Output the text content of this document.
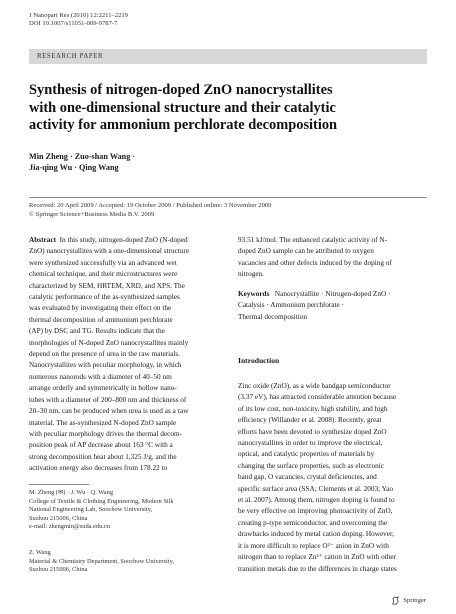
J Nanopart Res (2010) 12:2211–2219
DOI 10.1007/s11051-009-9787-7
RESEARCH PAPER
Synthesis of nitrogen-doped ZnO nanocrystallites
with one-dimensional structure and their catalytic
activity for ammonium perchlorate decomposition
Min Zheng · Zuo-shan Wang ·
Jia-qing Wu · Qing Wang
Received: 20 April 2009 / Accepted: 19 October 2009 / Published online: 3 November 2009
© Springer Science+Business Media B.V. 2009

Abstract In this study, nitrogen-doped ZnO (N-doped

ZnO) nanocrystallites with a one-dimensional structure
were synthesized successfully via an advanced wet
chemical technique, and their microstructures were
characterized by SEM, HRTEM, XRD, and XPS. The
catalytic performance of the as-synthesized samples
was evaluated by investigating their effect on the
thermal decomposition of ammonium perchlorate
(AP) by DSC and TG. Results indicate that the
morphologies of N-doped ZnO nanocrystallites mainly
depend on the presence of urea in the raw materials.
Nanocrystallites with peculiar morphology, in which
numerous nanorods with a diameter of 40–50 nm
arrange orderly and symmetrically in hollow nano-
tubes with a diameter of 200–800 nm and thickness of
20–30 nm, can be produced when urea is used as a raw
material. The as-synthesized N-doped ZnO sample
with peculiar morphology drives the thermal decom-
position peak of AP decrease about 163 °C with a
strong decomposition heat about 1,325 J/g, and the
activation energy also decreases from 178.22 to
M. Zheng (✉) · J. Wu · Q. Wang
College of Textile & Clothing Engineering, Modern Silk
National Engineering Lab, Soochow University,
Suzhou 215006, China
e-mail: zhengmin@suda.edu.cn
Z. Wang
Material & Chemistry Department, Soochow University,
Suzhou 215006, China
93.51 kJ/mol. The enhanced catalytic activity of N-
doped ZnO sample can be attributed to oxygen
vacancies and other defects induced by the doping of
nitrogen.
Keywords Nanocrystallite · Nitrogen-doped ZnO ·
Catalysis · Ammonium perchlorate ·
Thermal decomposition
Introduction
Zinc oxide (ZnO), as a wide bandgap semiconductor
(3.37 eV), has attracted considerable attention because
of its low cost, non-toxicity, high stability, and high
efficiency (Willander et al. 2008). Recently, great
efforts have been devoted to synthesize doped ZnO
nanocrystallites in order to improve the electrical,
optical, and catalytic properties of materials by
changing the surface properties, such as electronic
band gap, O vacancies, crystal deficiencies, and
specific surface area (SSA; Clements et al. 2003; Yao
et al. 2007). Among them, nitrogen doping is found to
be very effective on improving photoactivity of ZnO,
creating p-type semiconductor, and overcoming the
drawbacks induced by metal cation doping. However,
it is more difficult to replace O²⁻ anion in ZnO with
nitrogen than to replace Zn²⁺ cation in ZnO with other
transition metals due to the differences in charge states
Springer
